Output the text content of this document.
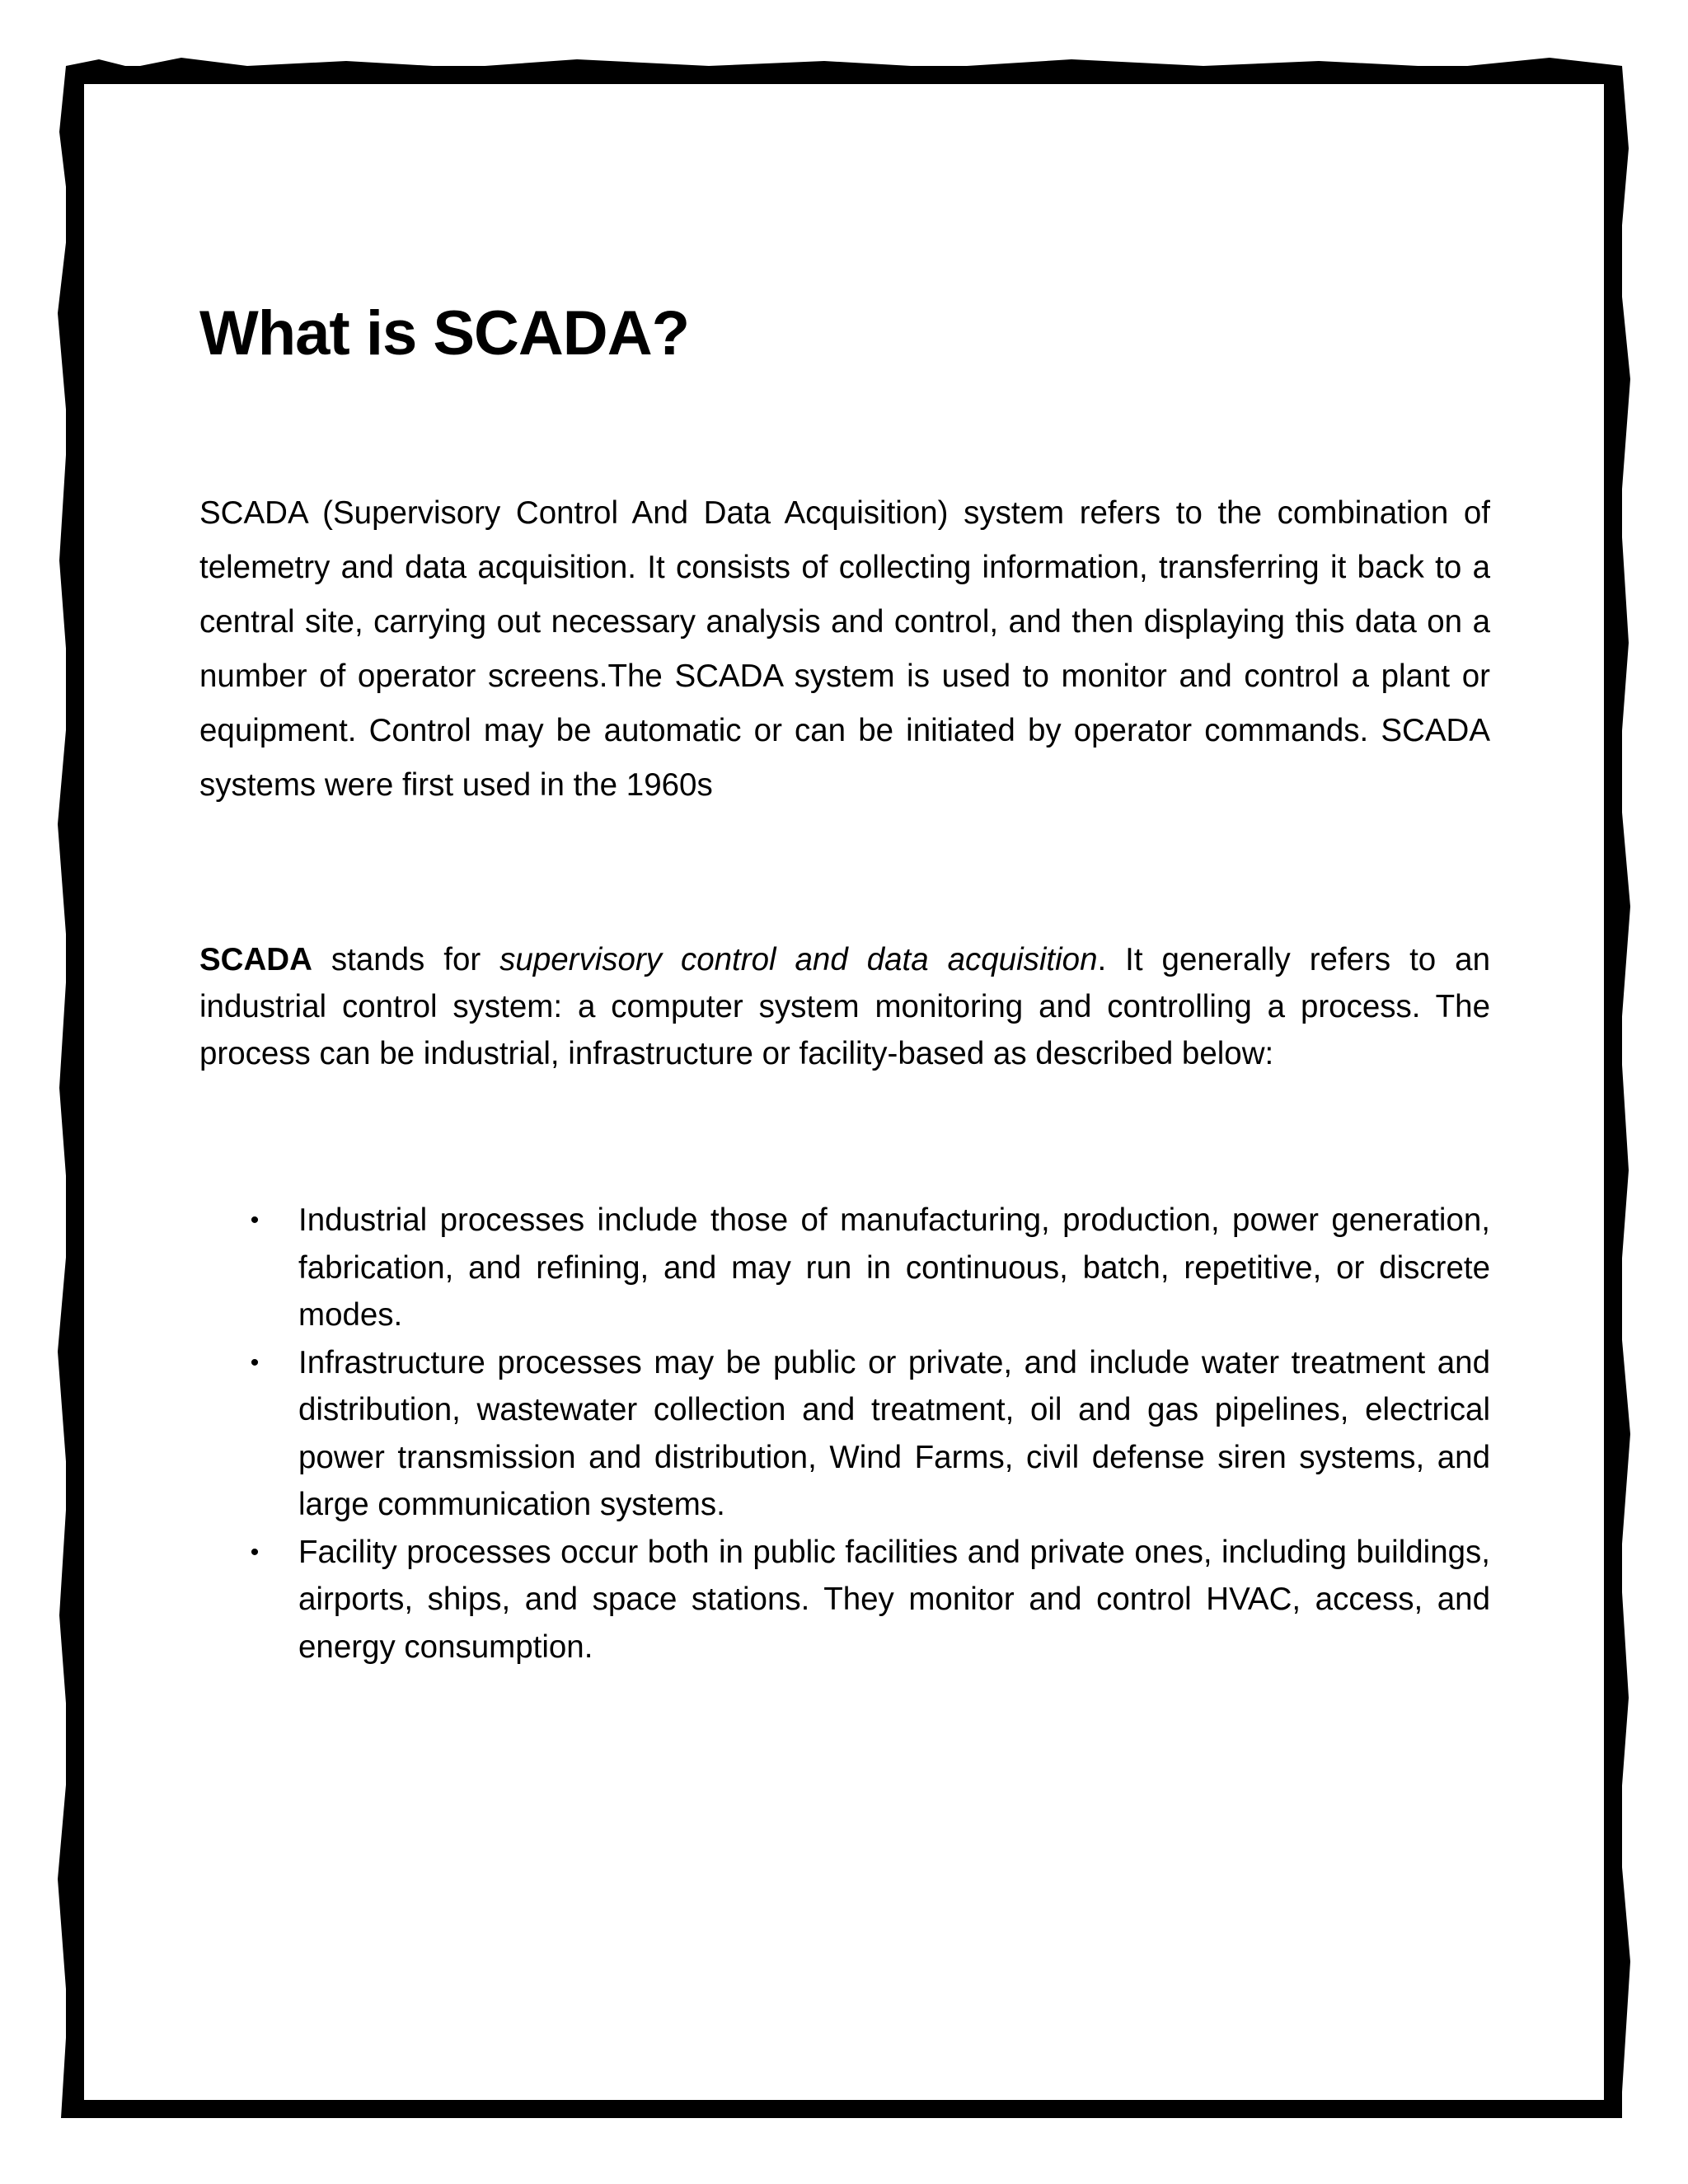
What is SCADA?

SCADA (Supervisory Control And Data Acquisition) system refers to the combination of telemetry and data acquisition. It consists of collecting information, transferring it back to a central site, carrying out necessary analysis and control, and then displaying this data on a number of operator screens.The SCADA system is used to monitor and control a plant or equipment. Control may be automatic or can be initiated by operator commands. SCADA systems were first used in the 1960s

SCADA stands for supervisory control and data acquisition. It generally refers to an industrial control system: a computer system monitoring and controlling a process. The process can be industrial, infrastructure or facility-based as described below:

• Industrial processes include those of manufacturing, production, power generation, fabrication, and refining, and may run in continuous, batch, repetitive, or discrete modes.
• Infrastructure processes may be public or private, and include water treatment and distribution, wastewater collection and treatment, oil and gas pipelines, electrical power transmission and distribution, Wind Farms, civil defense siren systems, and large communication systems.
• Facility processes occur both in public facilities and private ones, including buildings, airports, ships, and space stations. They monitor and control HVAC, access, and energy consumption.
